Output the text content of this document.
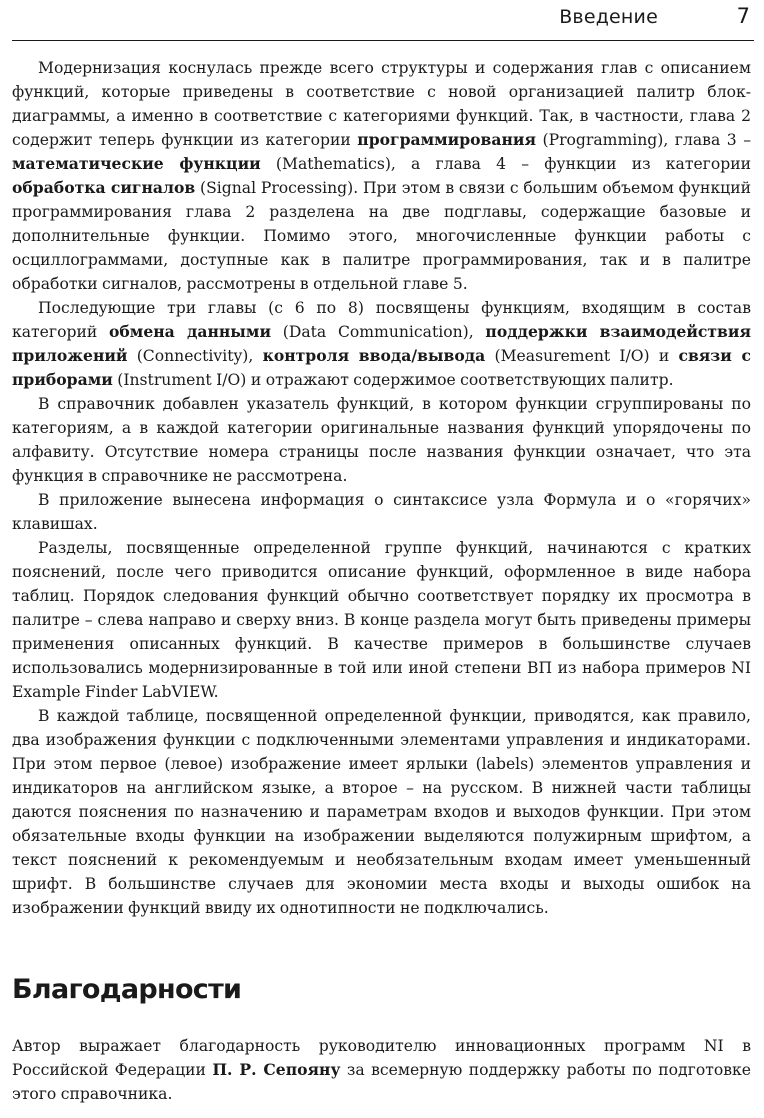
Введение	7

Модернизация коснулась прежде всего структуры и содержания глав с описанием функций, которые приведены в соответствие с новой организацией палитр блок-диаграммы, а именно в соответствие с категориями функций. Так, в частности, глава 2 содержит теперь функции из категории программирования (Programming), глава 3 – математические функции (Mathematics), а глава 4 – функции из категории обработка сигналов (Signal Processing). При этом в связи с большим объемом функций программирования глава 2 разделена на две подглавы, содержащие базовые и дополнительные функции. Помимо этого, многочисленные функции работы с осциллограммами, доступные как в палитре программирования, так и в палитре обработки сигналов, рассмотрены в отдельной главе 5.

Последующие три главы (с 6 по 8) посвящены функциям, входящим в состав категорий обмена данными (Data Communication), поддержки взаимодействия приложений (Connectivity), контроля ввода/вывода (Measurement I/O) и связи с приборами (Instrument I/O) и отражают содержимое соответствующих палитр.

В справочник добавлен указатель функций, в котором функции сгруппированы по категориям, а в каждой категории оригинальные названия функций упорядочены по алфавиту. Отсутствие номера страницы после названия функции означает, что эта функция в справочнике не рассмотрена.

В приложение вынесена информация о синтаксисе узла Формула и о «горячих» клавишах.

Разделы, посвященные определенной группе функций, начинаются с кратких пояснений, после чего приводится описание функций, оформленное в виде набора таблиц. Порядок следования функций обычно соответствует порядку их просмотра в палитре – слева направо и сверху вниз. В конце раздела могут быть приведены примеры применения описанных функций. В качестве примеров в большинстве случаев использовались модернизированные в той или иной степени ВП из набора примеров NI Example Finder LabVIEW.

В каждой таблице, посвященной определенной функции, приводятся, как правило, два изображения функции с подключенными элементами управления и индикаторами. При этом первое (левое) изображение имеет ярлыки (labels) элементов управления и индикаторов на английском языке, а второе – на русском. В нижней части таблицы даются пояснения по назначению и параметрам входов и выходов функции. При этом обязательные входы функции на изображении выделяются полужирным шрифтом, а текст пояснений к рекомендуемым и необязательным входам имеет уменьшенный шрифт. В большинстве случаев для экономии места входы и выходы ошибок на изображении функций ввиду их однотипности не подключались.

Благодарности

Автор выражает благодарность руководителю инновационных программ NI в Российской Федерации П. Р. Сепояну за всемерную поддержку работы по подготовке этого справочника.
